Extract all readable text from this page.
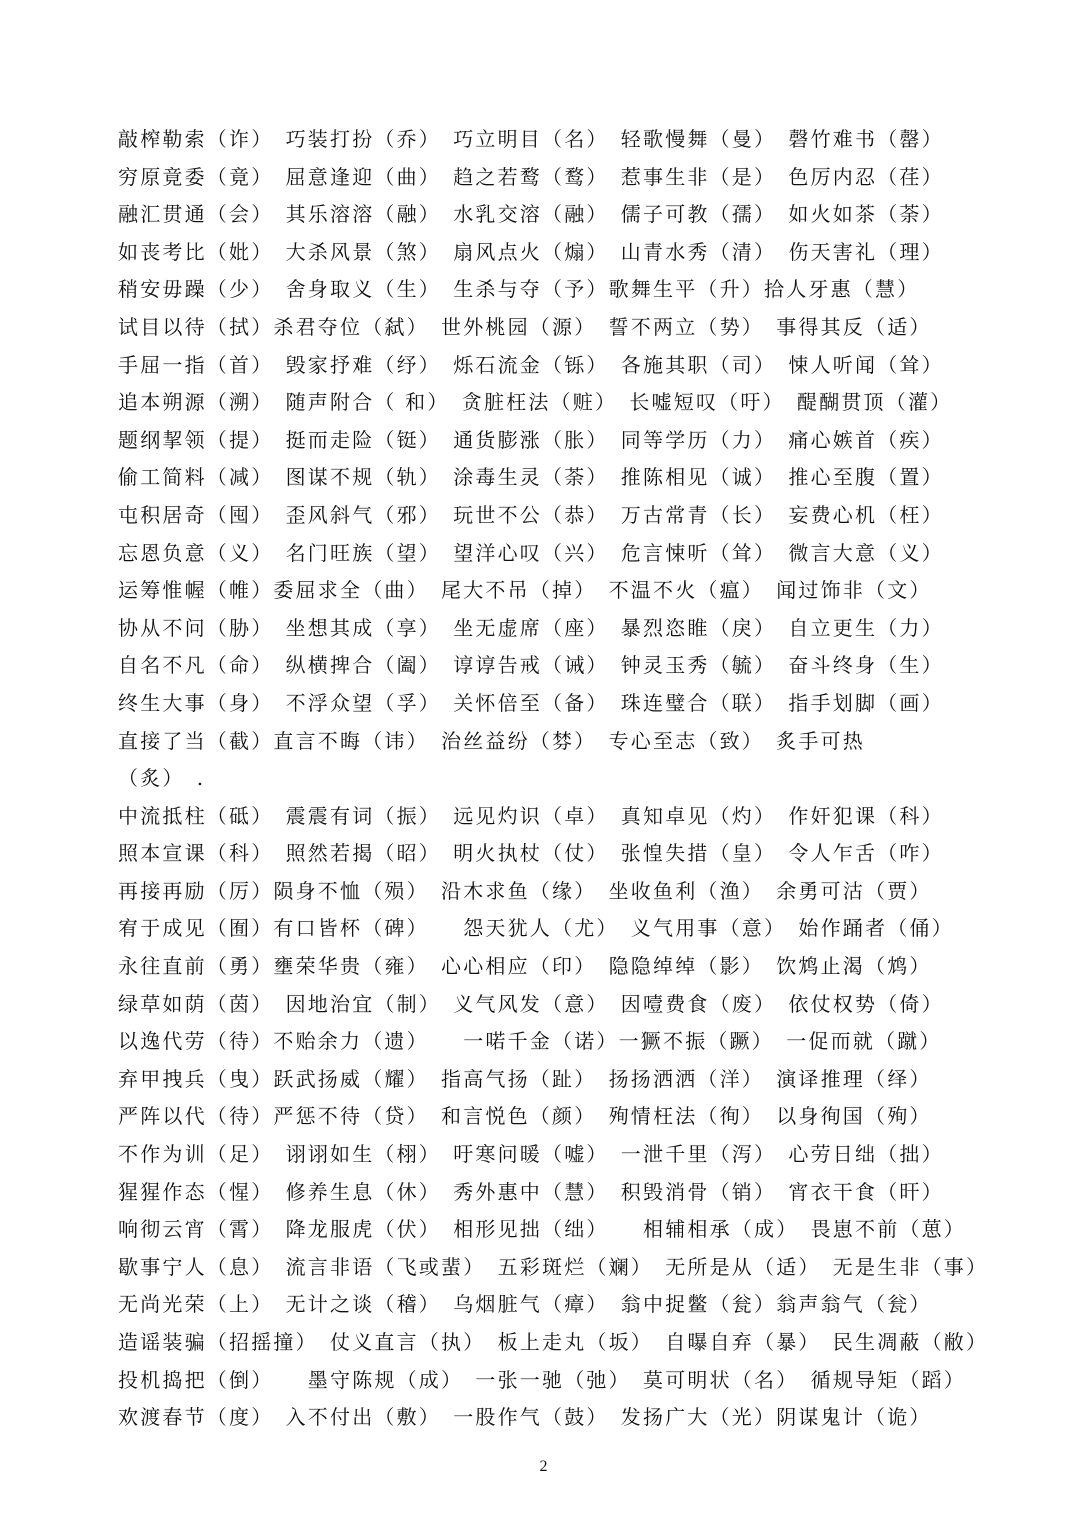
敲榨勒索（诈）　巧装打扮（乔）　巧立明目（名）　轻歌慢舞（曼）　磬竹难书（罄）
穷原竟委（竟）　屈意逢迎（曲）　趋之若鹜（鹜）　惹事生非（是）　色厉内忍（荏）
融汇贯通（会）　其乐溶溶（融）　水乳交溶（融）　儒子可教（孺）　如火如茶（荼）
如丧考比（妣）　大杀风景（煞）　扇风点火（煽）　山青水秀（清）　伤天害礼（理）
稍安毋躁（少）　舍身取义（生）　生杀与夺（予）歌舞生平（升）拾人牙惠（慧）
试目以待（拭）杀君夺位（弑）　世外桃园（源）　誓不两立（势）　事得其反（适）
手屈一指（首）　毁家抒难（纾）　烁石流金（铄）　各施其职（司）　悚人听闻（耸）
追本朔源（溯）　随声附合（ 和）　贪脏枉法（赃）　长嘘短叹（吁）　醍醐贯顶（灌）
题纲挈领（提）　挺而走险（铤）　通货膨涨（胀）　同等学历（力）　痛心嫉首（疾）
偷工简料（减）　图谋不规（轨）　涂毒生灵（荼）　推陈相见（诚）　推心至腹（置）
屯积居奇（囤）　歪风斜气（邪）　玩世不公（恭）　万古常青（长）　妄费心机（枉）
忘恩负意（义）　名门旺族（望）　望洋心叹（兴）　危言悚听（耸）　微言大意（义）
运筹惟幄（帷）委屈求全（曲）　尾大不吊（掉）　不温不火（瘟）　闻过饰非（文）
协从不问（胁）　坐想其成（享）　坐无虚席（座）　暴烈恣睢（戾）　自立更生（力）
自名不凡（命）　纵横捭合（阖）　谆谆告戒（诫）　钟灵玉秀（毓）　奋斗终身（生）
终生大事（身）　不浮众望（孚）　关怀倍至（备）　珠连璧合（联）　指手划脚（画）
直接了当（截）直言不晦（讳）　治丝益纷（棼）　专心至志（致）　炙手可热
（炙）　.
中流抵柱（砥）　震震有词（振）　远见灼识（卓）　真知卓见（灼）　作奸犯课（科）
照本宣课（科）　照然若揭（昭）　明火执杖（仗）　张惶失措（皇）　令人乍舌（咋）
再接再励（厉）陨身不恤（殒）　沿木求鱼（缘）　坐收鱼利（渔）　余勇可沽（贾）
宥于成见（囿）有口皆杯（碑）　　怨天犹人（尤）　义气用事（意）　始作踊者（俑）
永往直前（勇）壅荣华贵（雍）　心心相应（印）　隐隐绰绰（影）　饮鸩止渴（鸩）
绿草如荫（茵）　因地治宜（制）　义气风发（意）　因噎费食（废）　依仗权势（倚）
以逸代劳（待）不贻余力（遗）　　一喏千金（诺）一獗不振（蹶）　一促而就（蹴）
弃甲拽兵（曳）跃武扬威（耀）　指高气扬（趾）　扬扬洒洒（洋）　演译推理（绎）
严阵以代（待）严惩不待（贷）　和言悦色（颜）　殉情枉法（徇）　以身徇国（殉）
不作为训（足）　诩诩如生（栩）　吁寒问暖（嘘）　一泄千里（泻）　心劳日绌（拙）
猩猩作态（惺）　修养生息（休）　秀外惠中（慧）　积毁消骨（销）　宵衣干食（旰）
响彻云宵（霄）　降龙服虎（伏）　相形见拙（绌）　　相辅相承（成）　畏崽不前（葸）
歇事宁人（息）　流言非语（飞或蜚）　五彩斑烂（斓）　无所是从（适）　无是生非（事）
无尚光荣（上）　无计之谈（稽）　乌烟脏气（瘴）　翁中捉鳖（瓮）翁声翁气（瓮）
造谣装骗（招摇撞）　仗义直言（执）　板上走丸（坂）　自曝自弃（暴）　民生凋蔽（敝）
投机捣把（倒）　　墨守陈规（成）　一张一驰（弛）　莫可明状（名）　循规导矩（蹈）
欢渡春节（度）　入不付出（敷）　一股作气（鼓）　发扬广大（光）阴谋鬼计（诡）
2
